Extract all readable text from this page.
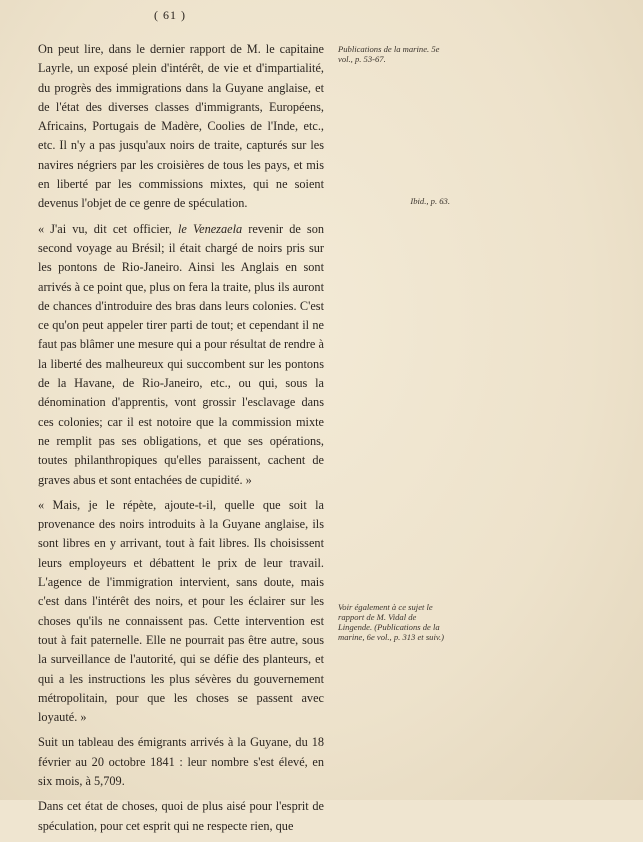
( 61 )

On peut lire, dans le dernier rapport de M. le capitaine Layrle, un exposé plein d'intérêt, de vie et d'impartialité, du progrès des immigrations dans la Guyane anglaise, et de l'état des diverses classes d'immigrants, Européens, Africains, Portugais de Madère, Coolies de l'Inde, etc., etc. Il n'y a pas jusqu'aux noirs de traite, capturés sur les navires négriers par les croisières de tous les pays, et mis en liberté par les commissions mixtes, qui ne soient devenus l'objet de ce genre de spéculation.

« J'ai vu, dit cet officier, le Venezaela revenir de son second voyage au Brésil; il était chargé de noirs pris sur les pontons de Rio-Janeiro. Ainsi les Anglais en sont arrivés à ce point que, plus on fera la traite, plus ils auront de chances d'introduire des bras dans leurs colonies. C'est ce qu'on peut appeler tirer parti de tout; et cependant il ne faut pas blâmer une mesure qui a pour résultat de rendre à la liberté des malheureux qui succombent sur les pontons de la Havane, de Rio-Janeiro, etc., ou qui, sous la dénomination d'apprentis, vont grossir l'esclavage dans ces colonies; car il est notoire que la commission mixte ne remplit pas ses obligations, et que ses opérations, toutes philanthropiques qu'elles paraissent, cachent de graves abus et sont entachées de cupidité. »

« Mais, je le répète, ajoute-t-il, quelle que soit la provenance des noirs introduits à la Guyane anglaise, ils sont libres en y arrivant, tout à fait libres. Ils choisissent leurs employeurs et débattent le prix de leur travail. L'agence de l'immigration intervient, sans doute, mais c'est dans l'intérêt des noirs, et pour les éclairer sur les choses qu'ils ne connaissent pas. Cette intervention est tout à fait paternelle. Elle ne pourrait pas être autre, sous la surveillance de l'autorité, qui se défie des planteurs, et qui a les instructions les plus sévères du gouvernement métropolitain, pour que les choses se passent avec loyauté. »

Suit un tableau des émigrants arrivés à la Guyane, du 18 février au 20 octobre 1841 : leur nombre s'est élevé, en six mois, à 5,709.

Dans cet état de choses, quoi de plus aisé pour l'esprit de spéculation, pour cet esprit qui ne respecte rien, que

Publications de la marine. 5e vol., p. 53-67.
Ibid., p. 63.
Voir également à ce sujet le rapport de M. Vidal de Lingende. (Publications de la marine, 6e vol., p. 313 et suiv.)
